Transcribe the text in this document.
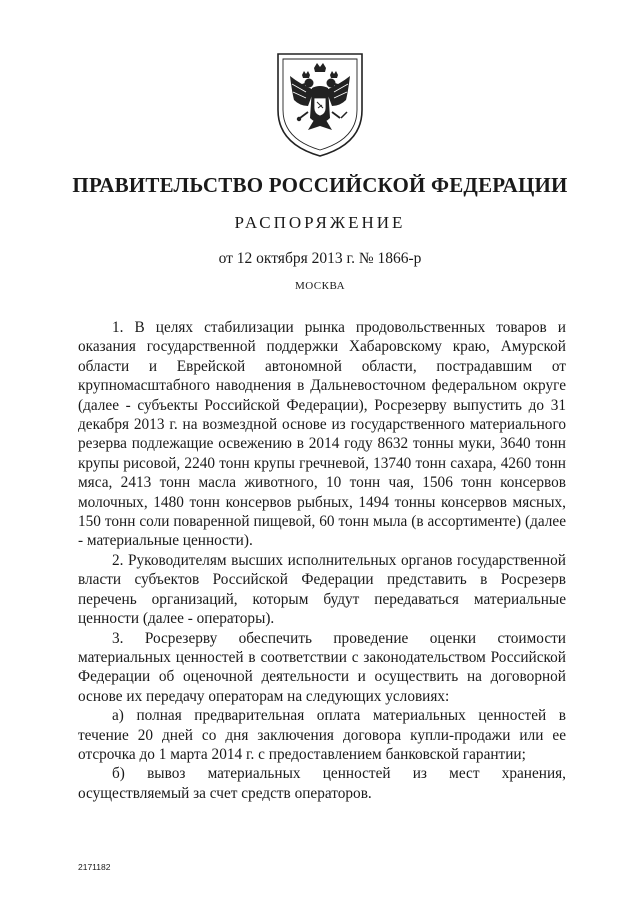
ПРАВИТЕЛЬСТВО РОССИЙСКОЙ ФЕДЕРАЦИИ
РАСПОРЯЖЕНИЕ
от 12 октября 2013 г. № 1866-р
МОСКВА

1. В целях стабилизации рынка продовольственных товаров и оказания государственной поддержки Хабаровскому краю, Амурской области и Еврейской автономной области, пострадавшим от крупномасштабного наводнения в Дальневосточном федеральном округе (далее - субъекты Российской Федерации), Росрезерву выпустить до 31 декабря 2013 г. на возмездной основе из государственного материального резерва подлежащие освежению в 2014 году 8632 тонны муки, 3640 тонн крупы рисовой, 2240 тонн крупы гречневой, 13740 тонн сахара, 4260 тонн мяса, 2413 тонн масла животного, 10 тонн чая, 1506 тонн консервов молочных, 1480 тонн консервов рыбных, 1494 тонны консервов мясных, 150 тонн соли поваренной пищевой, 60 тонн мыла (в ассортименте) (далее - материальные ценности).

2. Руководителям высших исполнительных органов государственной власти субъектов Российской Федерации представить в Росрезерв перечень организаций, которым будут передаваться материальные ценности (далее - операторы).

3. Росрезерву обеспечить проведение оценки стоимости материальных ценностей в соответствии с законодательством Российской Федерации об оценочной деятельности и осуществить на договорной основе их передачу операторам на следующих условиях:

а) полная предварительная оплата материальных ценностей в течение 20 дней со дня заключения договора купли-продажи или ее отсрочка до 1 марта 2014 г. с предоставлением банковской гарантии;

б) вывоз материальных ценностей из мест хранения, осуществляемый за счет средств операторов.

2171182
